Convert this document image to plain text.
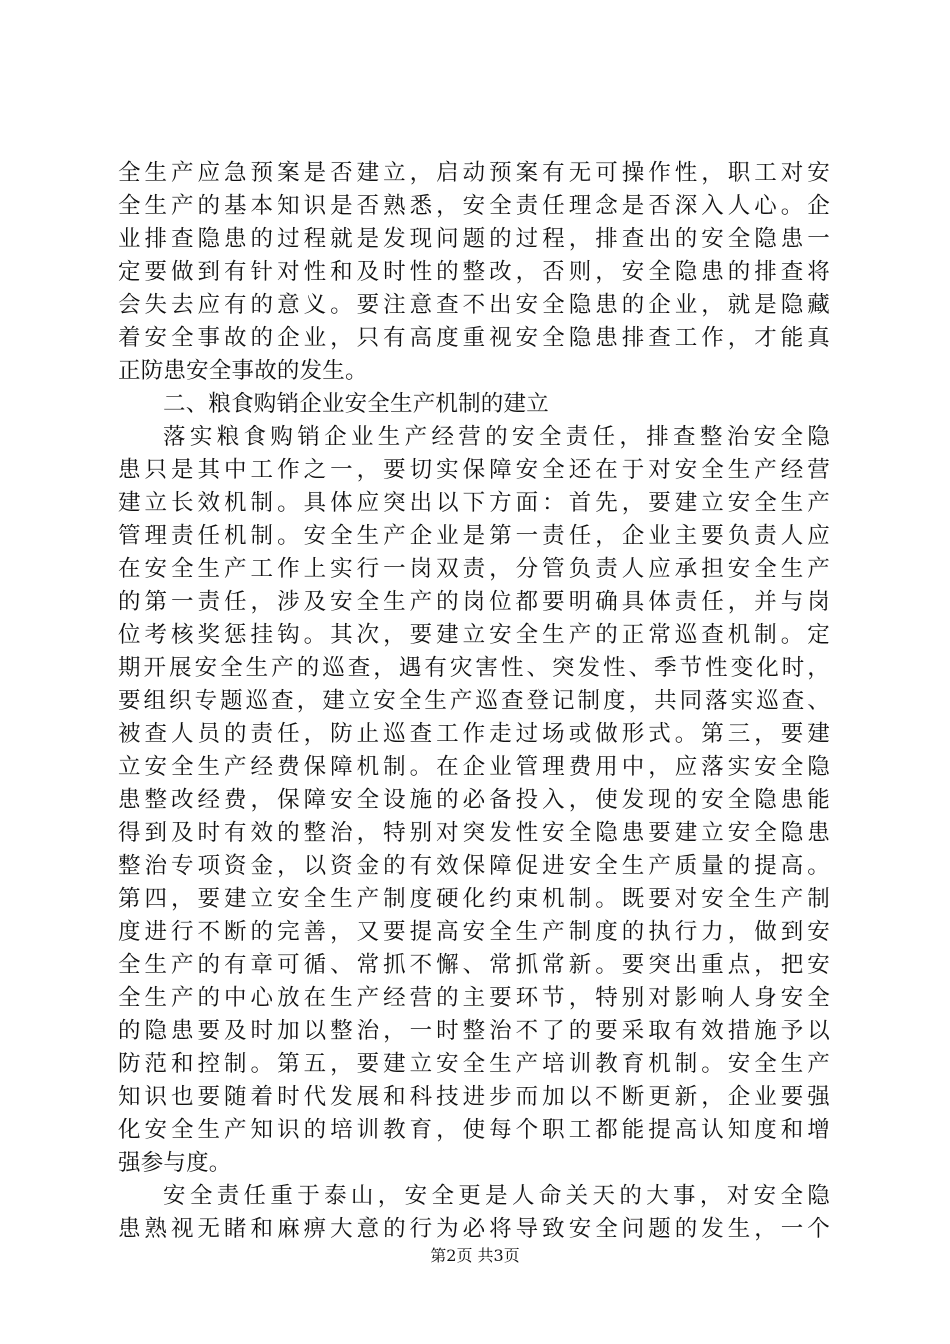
全生产应急预案是否建立，启动预案有无可操作性，职工对安
全生产的基本知识是否熟悉，安全责任理念是否深入人心。企
业排查隐患的过程就是发现问题的过程，排查出的安全隐患一
定要做到有针对性和及时性的整改，否则，安全隐患的排查将
会失去应有的意义。要注意查不出安全隐患的企业，就是隐藏
着安全事故的企业，只有高度重视安全隐患排查工作，才能真
正防患安全事故的发生。
二、粮食购销企业安全生产机制的建立
落实粮食购销企业生产经营的安全责任，排查整治安全隐
患只是其中工作之一，要切实保障安全还在于对安全生产经营
建立长效机制。具体应突出以下方面：首先，要建立安全生产
管理责任机制。安全生产企业是第一责任，企业主要负责人应
在安全生产工作上实行一岗双责，分管负责人应承担安全生产
的第一责任，涉及安全生产的岗位都要明确具体责任，并与岗
位考核奖惩挂钩。其次，要建立安全生产的正常巡查机制。定
期开展安全生产的巡查，遇有灾害性、突发性、季节性变化时，
要组织专题巡查，建立安全生产巡查登记制度，共同落实巡查、
被查人员的责任，防止巡查工作走过场或做形式。第三，要建
立安全生产经费保障机制。在企业管理费用中，应落实安全隐
患整改经费，保障安全设施的必备投入，使发现的安全隐患能
得到及时有效的整治，特别对突发性安全隐患要建立安全隐患
整治专项资金，以资金的有效保障促进安全生产质量的提高。
第四，要建立安全生产制度硬化约束机制。既要对安全生产制
度进行不断的完善，又要提高安全生产制度的执行力，做到安
全生产的有章可循、常抓不懈、常抓常新。要突出重点，把安
全生产的中心放在生产经营的主要环节，特别对影响人身安全
的隐患要及时加以整治，一时整治不了的要采取有效措施予以
防范和控制。第五，要建立安全生产培训教育机制。安全生产
知识也要随着时代发展和科技进步而加以不断更新，企业要强
化安全生产知识的培训教育，使每个职工都能提高认知度和增
强参与度。
安全责任重于泰山，安全更是人命关天的大事，对安全隐
患熟视无睹和麻痹大意的行为必将导致安全问题的发生，一个
第2页 共3页
